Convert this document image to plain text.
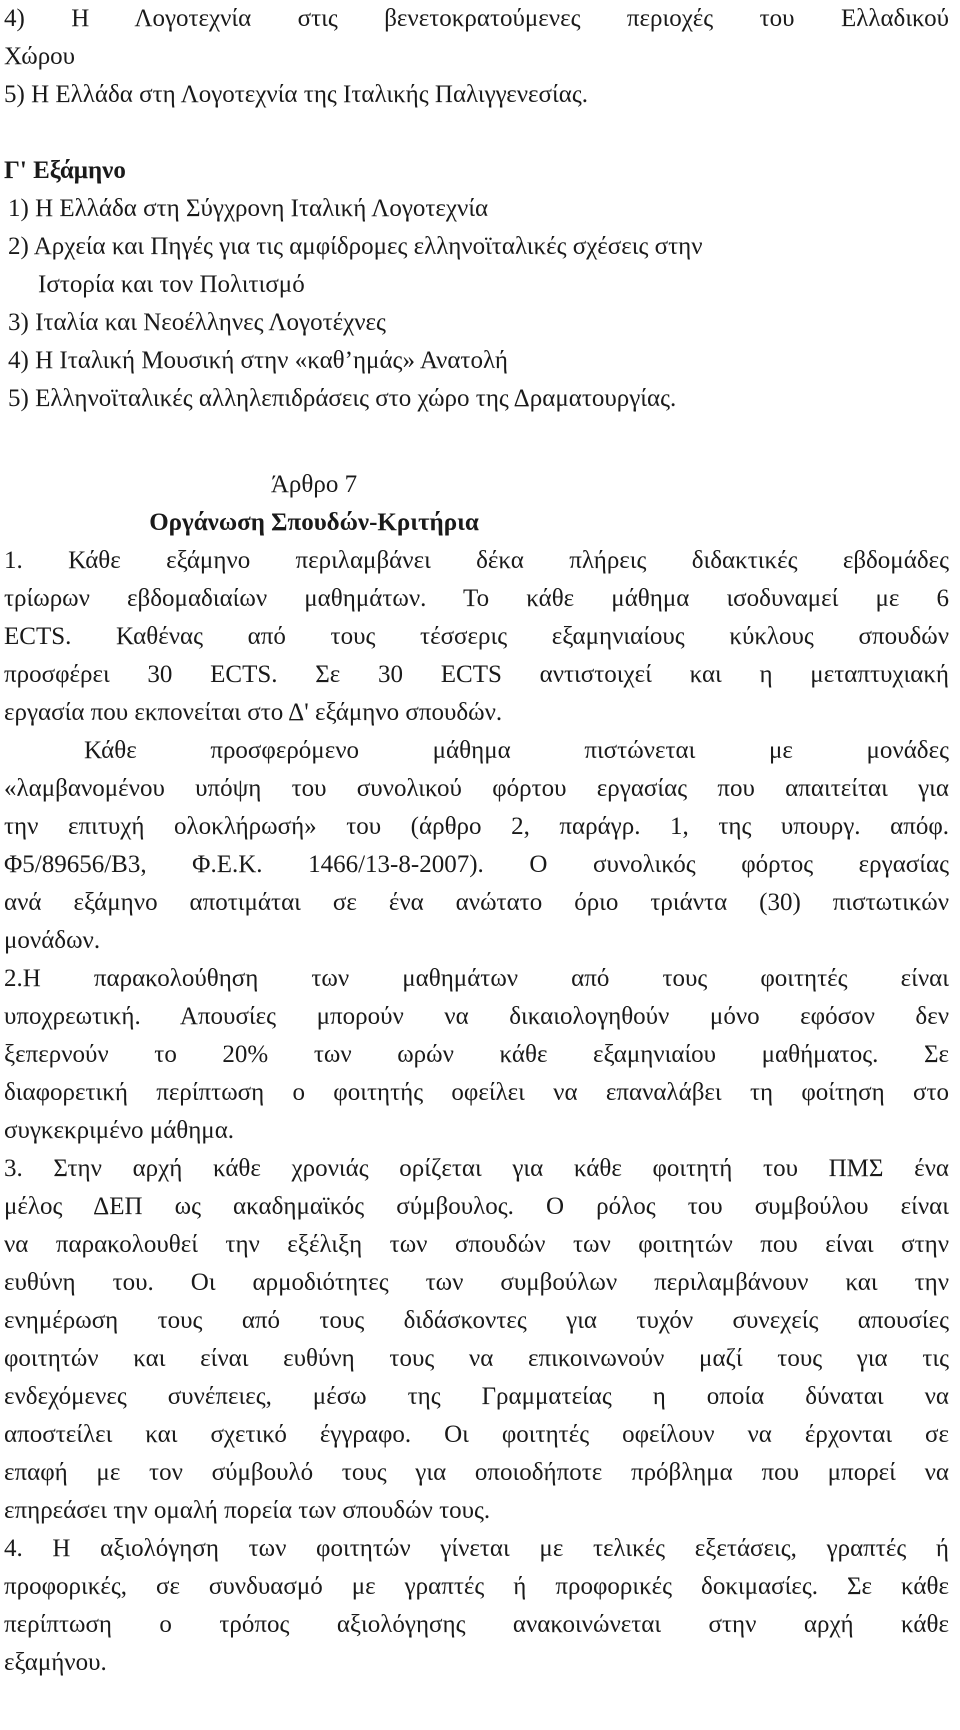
4) Η Λογοτεχνία στις βενετοκρατούμενες περιοχές του Ελλαδικού
Χώρου
5) Η Ελλάδα στη Λογοτεχνία της Ιταλικής Παλιγγενεσίας.
Γ' Εξάμηνο
1) Η Ελλάδα στη Σύγχρονη Ιταλική Λογοτεχνία
2) Αρχεία και Πηγές για τις αμφίδρομες ελληνοϊταλικές σχέσεις στην
Ιστορία και τον Πολιτισμό
3) Ιταλία και Νεοέλληνες Λογοτέχνες
4) Η Ιταλική Μουσική στην «καθ’ημάς» Ανατολή
5) Ελληνοϊταλικές αλληλεπιδράσεις στο χώρο της Δραματουργίας.
Άρθρο 7
Οργάνωση Σπουδών-Κριτήρια
1. Κάθε εξάμηνο περιλαμβάνει δέκα πλήρεις διδακτικές εβδομάδες
τρίωρων εβδομαδιαίων μαθημάτων. Το κάθε μάθημα ισοδυναμεί με 6
ECTS. Καθένας από τους τέσσερις εξαμηνιαίους κύκλους σπουδών
προσφέρει 30 ECTS. Σε 30 ECTS αντιστοιχεί και η μεταπτυχιακή
εργασία που εκπονείται στο Δ' εξάμηνο σπουδών.
Κάθε προσφερόμενο μάθημα πιστώνεται με μονάδες
«λαμβανομένου υπόψη του συνολικού φόρτου εργασίας που απαιτείται για
την επιτυχή ολοκλήρωσή» του (άρθρο 2, παράγρ. 1, της υπουργ. απόφ.
Φ5/89656/Β3, Φ.Ε.Κ. 1466/13-8-2007). Ο συνολικός φόρτος εργασίας
ανά εξάμηνο αποτιμάται σε ένα ανώτατο όριο τριάντα (30) πιστωτικών
μονάδων.
2.Η παρακολούθηση των μαθημάτων από τους φοιτητές είναι
υποχρεωτική. Απουσίες μπορούν να δικαιολογηθούν μόνο εφόσον δεν
ξεπερνούν το 20% των ωρών κάθε εξαμηνιαίου μαθήματος. Σε
διαφορετική περίπτωση ο φοιτητής οφείλει να επαναλάβει τη φοίτηση στο
συγκεκριμένο μάθημα.
3. Στην αρχή κάθε χρονιάς ορίζεται για κάθε φοιτητή του ΠΜΣ ένα
μέλος ΔΕΠ ως ακαδημαϊκός σύμβουλος. Ο ρόλος του συμβούλου είναι
να παρακολουθεί την εξέλιξη των σπουδών των φοιτητών που είναι στην
ευθύνη του. Οι αρμοδιότητες των συμβούλων περιλαμβάνουν και την
ενημέρωση τους από τους διδάσκοντες για τυχόν συνεχείς απουσίες
φοιτητών και είναι ευθύνη τους να επικοινωνούν μαζί τους για τις
ενδεχόμενες συνέπειες, μέσω της Γραμματείας η οποία δύναται να
αποστείλει και σχετικό έγγραφο. Οι φοιτητές οφείλουν να έρχονται σε
επαφή με τον σύμβουλό τους για οποιοδήποτε πρόβλημα που μπορεί να
επηρεάσει την ομαλή πορεία των σπουδών τους.
4. Η αξιολόγηση των φοιτητών γίνεται με τελικές εξετάσεις, γραπτές ή
προφορικές, σε συνδυασμό με γραπτές ή προφορικές δοκιμασίες. Σε κάθε
περίπτωση ο τρόπος αξιολόγησης ανακοινώνεται στην αρχή κάθε
εξαμήνου.
